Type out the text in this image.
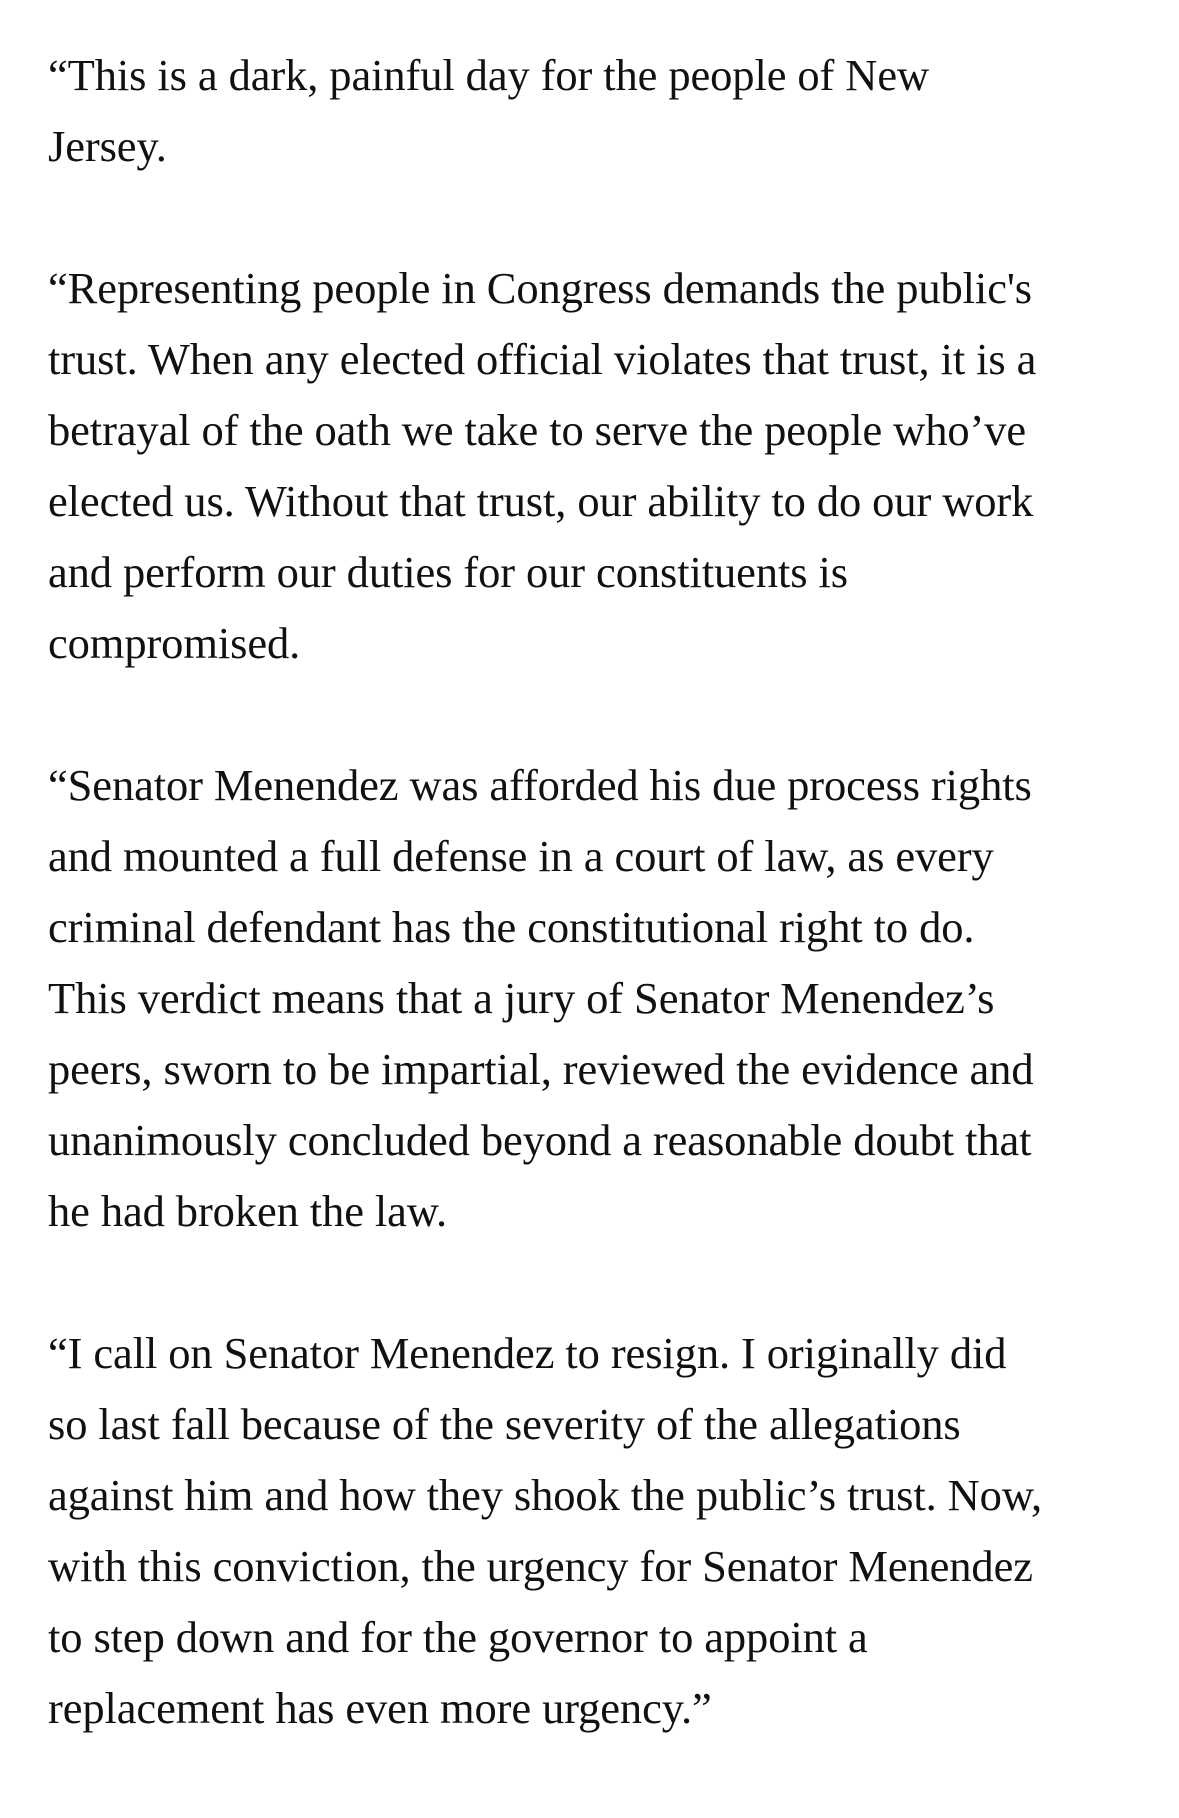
“This is a dark, painful day for the people of New
Jersey.

“Representing people in Congress demands the public's
trust. When any elected official violates that trust, it is a
betrayal of the oath we take to serve the people who’ve
elected us. Without that trust, our ability to do our work
and perform our duties for our constituents is
compromised.

“Senator Menendez was afforded his due process rights
and mounted a full defense in a court of law, as every
criminal defendant has the constitutional right to do.
This verdict means that a jury of Senator Menendez’s
peers, sworn to be impartial, reviewed the evidence and
unanimously concluded beyond a reasonable doubt that
he had broken the law.

“I call on Senator Menendez to resign. I originally did
so last fall because of the severity of the allegations
against him and how they shook the public’s trust. Now,
with this conviction, the urgency for Senator Menendez
to step down and for the governor to appoint a
replacement has even more urgency.”
